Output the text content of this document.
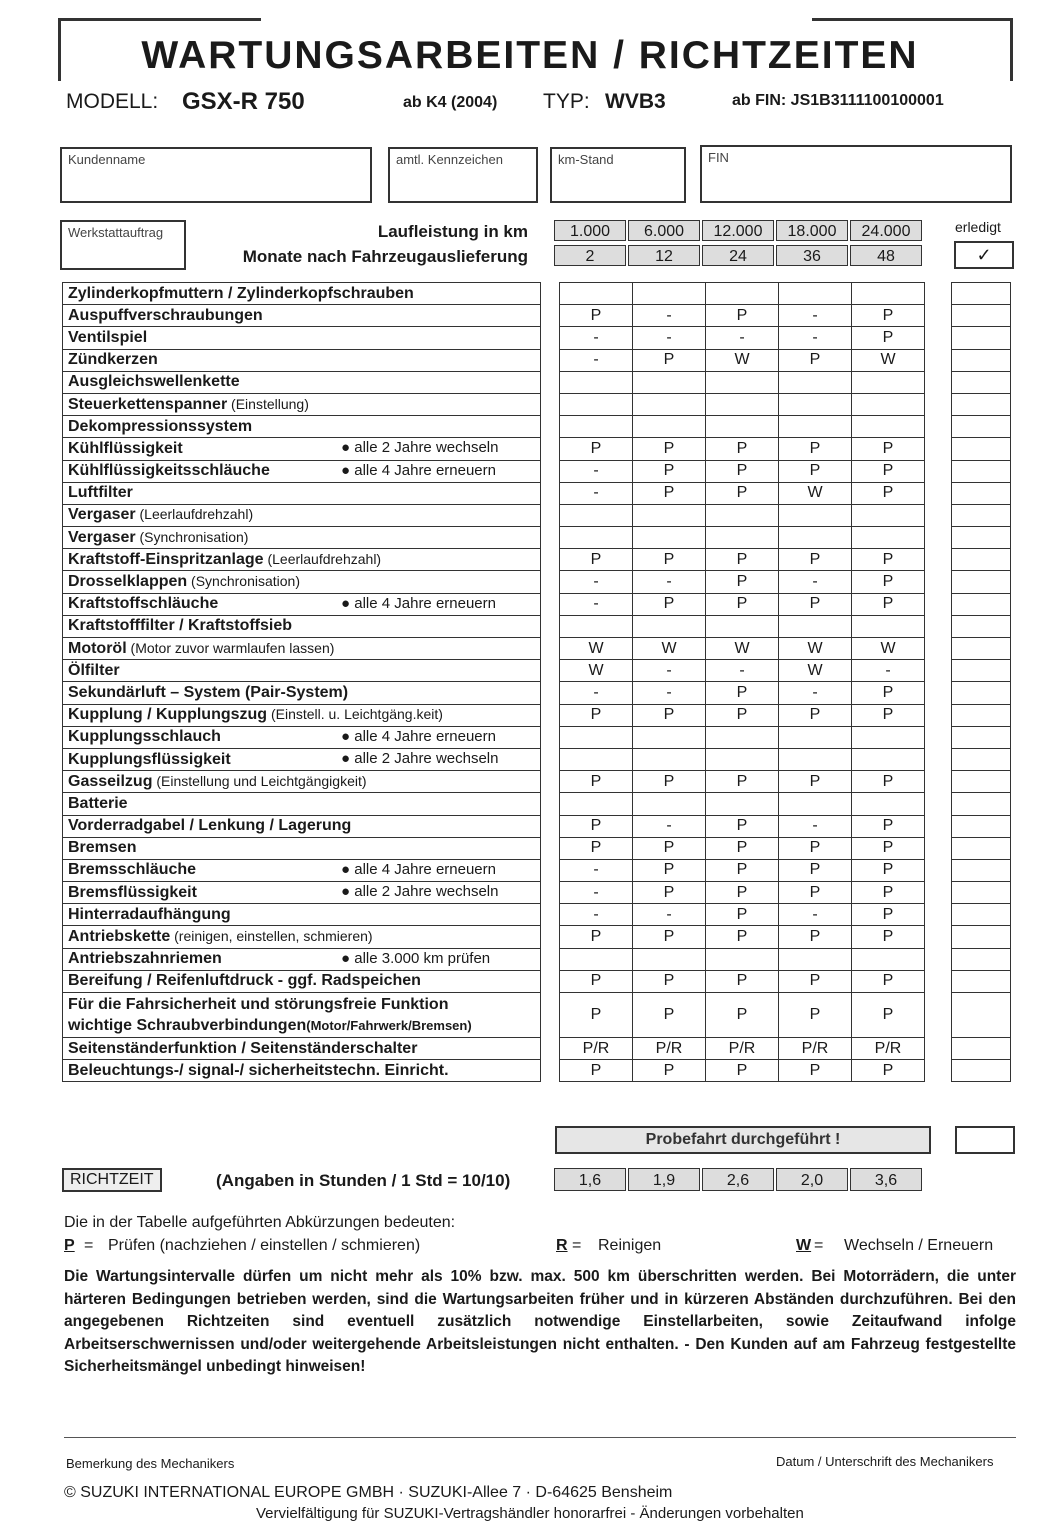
WARTUNGSARBEITEN / RICHTZEITEN
MODELL: GSX-R 750	ab K4 (2004) TYP: WVB3	ab FIN: JS1B3111100100001
Kundenname	amtl. Kennzeichen	km-Stand	FIN
Werkstattauftrag	Laufleistung in km
Monate nach Fahrzeugauslieferung
1.000	6.000	12.000	18.000	24.000
2	12	24	36	48
erledigt
✓
Zylinderkopfmuttern / Zylinderkopfschrauben								
Auspuffverschraubungen		P	-	P	-	P		
Ventilspiel		-	-	-	-	P		
Zündkerzen		-	P	W	P	W		
Ausgleichswellenkette								
Steuerkettenspanner (Einstellung)								
Dekompressionssystem								
Kühlflüssigkeit ● alle 2 Jahre wechseln		P	P	P	P	P		
Kühlflüssigkeitsschläuche ● alle 4 Jahre erneuern		-	P	P	P	P		
Luftfilter		-	P	P	W	P		
Vergaser (Leerlaufdrehzahl)								
Vergaser (Synchronisation)								
Kraftstoff-Einspritzanlage (Leerlaufdrehzahl)		P	P	P	P	P		
Drosselklappen (Synchronisation)		-	-	P	-	P		
Kraftstoffschläuche ● alle 4 Jahre erneuern		-	P	P	P	P		
Kraftstofffilter / Kraftstoffsieb								
Motoröl (Motor zuvor warmlaufen lassen)		W	W	W	W	W		
Ölfilter		W	-	-	W	-		
Sekundärluft – System (Pair-System)		-	-	P	-	P		
Kupplung / Kupplungszug (Einstell. u. Leichtgäng.keit)		P	P	P	P	P		
Kupplungsschlauch ● alle 4 Jahre erneuern								

Kupplungsflüssigkeit ● alle 2 Jahre wechseln								

Gasseilzug (Einstellung und Leichtgängigkeit)		P	P	P	P	P		
Batterie								
Vorderradgabel / Lenkung / Lagerung		P	-	P	-	P		
Bremsen		P	P	P	P	P		
Bremsschläuche ● alle 4 Jahre erneuern		-	P	P	P	P		
Bremsflüssigkeit ● alle 2 Jahre wechseln		-	P	P	P	P		
Hinterradaufhängung		-	-	P	-	P		
Antriebskette (reinigen, einstellen, schmieren)		P	P	P	P	P		
Antriebszahnriemen ● alle 3.000 km prüfen								

Bereifung / Reifenluftdruck - ggf. Radspeichen		P	P	P	P	P		
Für die Fahrsicherheit und störungsfreie Funktion
wichtige Schraubverbindungen(Motor/Fahrwerk/Bremsen)		P	P	P	P	P		
Seitenständerfunktion / Seitenständerschalter		P/R	P/R	P/R	P/R	P/R		
Beleuchtungs-/ signal-/ sicherheitstechn. Einricht.		P	P	P	P	P		
Probefahrt durchgeführt !
RICHTZEIT	(Angaben in Stunden / 1 Std = 10/10)	1,6	1,9	2,6	2,0	3,6
Die in der Tabelle aufgeführten Abkürzungen bedeuten:
P = Prüfen (nachziehen / einstellen / schmieren)	R = Reinigen	W = Wechseln / Erneuern
Die Wartungsintervalle dürfen um nicht mehr als 10% bzw. max. 500 km überschritten werden. Bei Motorrädern, die unter härteren Bedingungen betrieben werden, sind die Wartungsarbeiten früher und in kürzeren Abständen durchzuführen. Bei den angegebenen Richtzeiten sind eventuell zusätzlich notwendige Einstellarbeiten, sowie Zeitaufwand infolge Arbeitserschwernissen und/oder weitergehende Arbeitsleistungen nicht enthalten. - Den Kunden auf am Fahrzeug festgestellte Sicherheitsmängel unbedingt hinweisen!
Bemerkung des Mechanikers	Datum / Unterschrift des Mechanikers
© SUZUKI INTERNATIONAL EUROPE GMBH · SUZUKI-Allee 7 · D-64625 Bensheim
Vervielfältigung für SUZUKI-Vertragshändler honorarfrei - Änderungen vorbehalten
